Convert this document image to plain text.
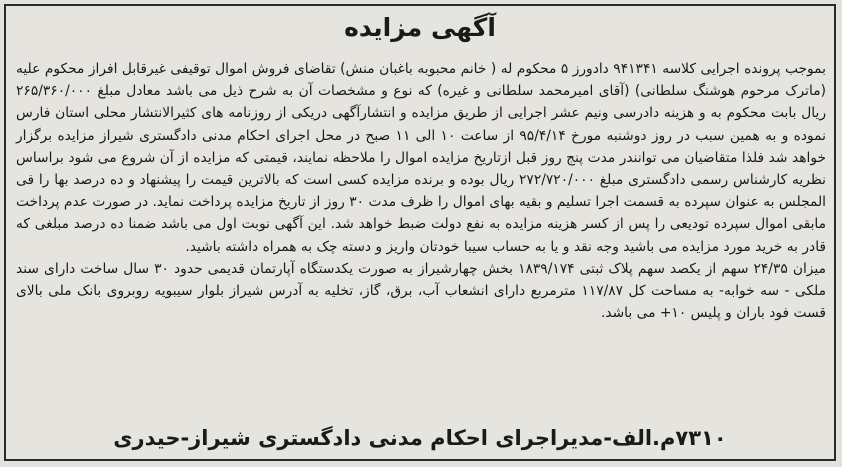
آگهی مزایده

بموجب پرونده اجرایی کلاسه ۹۴۱۳۴۱ دادورز ۵ محکوم له ( خانم محبوبه باغبان منش) تقاضای فروش اموال توقیفی غیرقابل افراز محکوم علیه (ماترک مرحوم هوشنگ سلطانی) (آقای امیرمحمد سلطانی و غیره) که نوع و مشخصات آن به شرح ذیل می باشد معادل مبلغ ۲۶۵/۳۶۰/۰۰۰ ریال بابت محکوم به و هزینه دادرسی ونیم عشر اجرایی از طریق مزایده و انتشارآگهی دریکی از روزنامه های کثیرالانتشار محلی استان فارس نموده و به همین سبب در روز دوشنبه مورخ ۹۵/۴/۱۴ از ساعت ۱۰ الی ۱۱ صبح در محل اجرای احکام مدنی دادگستری شیراز مزایده برگزار خواهد شد فلذا متقاضیان می توانندر مدت پنج روز قبل ازتاریخ مزایده اموال را ملاحظه نمایند، قیمتی که مزایده از آن شروع می شود براساس نظریه کارشناس رسمی دادگستری مبلغ ۲۷۲/۷۲۰/۰۰۰ ریال بوده و برنده مزایده کسی است که بالاترین قیمت را پیشنهاد و ده درصد بها را فی المجلس به عنوان سپرده به قسمت اجرا تسلیم و بقیه بهای اموال را ظرف مدت ۳۰ روز از تاریخ مزایده پرداخت نماید. در صورت عدم پرداخت مابقی اموال سپرده تودیعی را پس از کسر هزینه مزایده به نفع دولت ضبط خواهد شد. این آگهی نوبت اول می باشد ضمنا ده درصد مبلغی که قادر به خرید مورد مزایده می باشید وجه نقد و یا به حساب سیبا خودتان واریز و دسته چک به همراه داشته باشید.

میزان ۲۴/۳۵ سهم از یکصد سهم پلاک ثبتی ۱۸۳۹/۱۷۴ بخش چهارشیراز به صورت یکدستگاه آپارتمان قدیمی حدود ۳۰ سال ساخت دارای سند ملکی - سه خوابه- به مساحت کل ۱۱۷/۸۷ مترمربع دارای انشعاب آب، برق، گاز، تخلیه به آدرس شیراز بلوار سیبویه روبروی بانک ملی بالای قست فود باران و پلیس ۱۰+ می باشد.

۷۳۱۰م.الف-مدیراجرای احکام مدنی دادگستری شیراز-حیدری
